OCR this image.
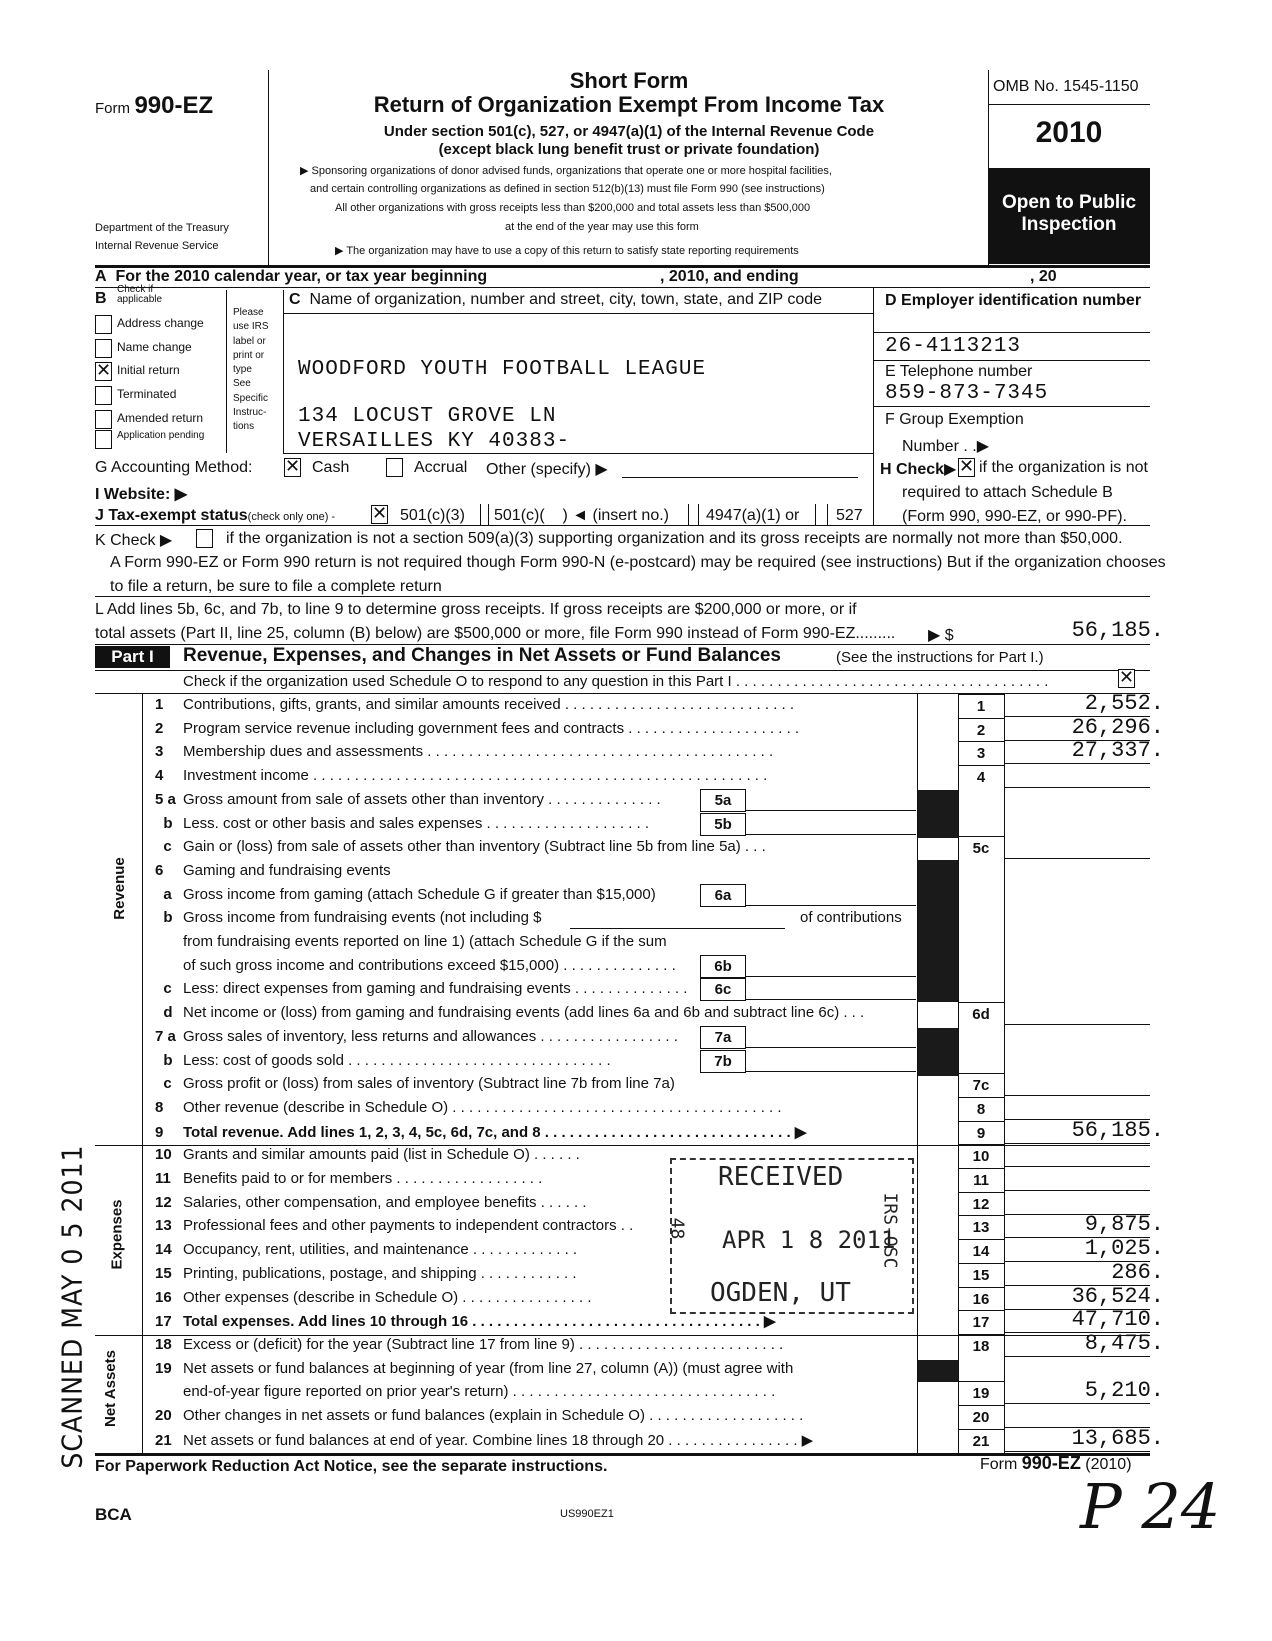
Form 990-EZ
Department of the Treasury
Internal Revenue Service
Short Form
Return of Organization Exempt From Income Tax
Under section 501(c), 527, or 4947(a)(1) of the Internal Revenue Code
(except black lung benefit trust or private foundation)
▶ Sponsoring organizations of donor advised funds, organizations that operate one or more hospital facilities,
and certain controlling organizations as defined in section 512(b)(13) must file Form 990 (see instructions)
All other organizations with gross receipts less than $200,000 and total assets less than $500,000
at the end of the year may use this form
▶ The organization may have to use a copy of this return to satisfy state reporting requirements
OMB No. 1545-1150
2010
Open to Public
Inspection
A For the 2010 calendar year, or tax year beginning	, 2010, and ending	, 20
B
Check if applicable
Address change
Name change
✕ Initial return
Terminated
Amended return
Application pending
Please
use IRS
label or
print or
type
See
Specific
Instruc-
tions
C Name of organization, number and street, city, town, state, and ZIP code
WOODFORD YOUTH FOOTBALL LEAGUE
134 LOCUST GROVE LN
VERSAILLES KY 40383-
D Employer identification number
26-4113213
E Telephone number
859-873-7345
F Group Exemption
Number . .▶
G Accounting Method: ✕ Cash	Accrual Other (specify) ▶	H Check▶ ✕ if the organization is not
required to attach Schedule B
(Form 990, 990-EZ, or 990-PF).
I Website: ▶
J Tax-exempt status(check only one) - ✕ 501(c)(3) 501(c)( ) ◄ (insert no.) 4947(a)(1) or 527
K Check ▶	if the organization is not a section 509(a)(3) supporting organization and its gross receipts are normally not more than $50,000.
A Form 990-EZ or Form 990 return is not required though Form 990-N (e-postcard) may be required (see instructions) But if the organization chooses
to file a return, be sure to file a complete return
L Add lines 5b, 6c, and 7b, to line 9 to determine gross receipts. If gross receipts are $200,000 or more, or if
total assets (Part II, line 25, column (B) below) are $500,000 or more, file Form 990 instead of Form 990-EZ......... ▶ $	56,185.
Part I	Revenue, Expenses, and Changes in Net Assets or Fund Balances	(See the instructions for Part I.)
Check if the organization used Schedule O to respond to any question in this Part I . . . . . . . . . . . . . . . . . . . . . . . . . . . . . . . . . . . . . .	✕
Revenue
Expenses
Net Assets
1 Contributions, gifts, grants, and similar amounts received . . . . . . . . . . . . . . . . . . . . . . . . . . . .	1	2,552.
2 Program service revenue including government fees and contracts . . . . . . . . . . . . . . . . . . . . .	2	26,296.
3 Membership dues and assessments . . . . . . . . . . . . . . . . . . . . . . . . . . . . . . . . . . . . . . . . . .	3	27,337.
4 Investment income . . . . . . . . . . . . . . . . . . . . . . . . . . . . . . . . . . . . . . . . . . . . . . . . . . . . . . .	4
5 a Gross amount from sale of assets other than inventory . . . . . . . . . . . . . .	5a
b Less. cost or other basis and sales expenses . . . . . . . . . . . . . . . . . . . .	5b
c Gain or (loss) from sale of assets other than inventory (Subtract line 5b from line 5a) . . .	5c
6 Gaming and fundraising events
a Gross income from gaming (attach Schedule G if greater than $15,000)	6a
b Gross income from fundraising events (not including $	of contributions
from fundraising events reported on line 1) (attach Schedule G if the sum
of such gross income and contributions exceed $15,000) . . . . . . . . . . . . . .	6b
c Less: direct expenses from gaming and fundraising events . . . . . . . . . . . . . .	6c
d Net income or (loss) from gaming and fundraising events (add lines 6a and 6b and subtract line 6c) . . .	6d
7 a Gross sales of inventory, less returns and allowances . . . . . . . . . . . . . . . . .	7a
b Less: cost of goods sold . . . . . . . . . . . . . . . . . . . . . . . . . . . . . . . .	7b
c Gross profit or (loss) from sales of inventory (Subtract line 7b from line 7a)	7c
8 Other revenue (describe in Schedule O) . . . . . . . . . . . . . . . . . . . . . . . . . . . . . . . . . . . . . . . .	8
9 Total revenue. Add lines 1, 2, 3, 4, 5c, 6d, 7c, and 8 . . . . . . . . . . . . . . . . . . . . . . . . . . . . . . ▶	9	56,185.
10 Grants and similar amounts paid (list in Schedule O) . . . . . .	10
11 Benefits paid to or for members . . . . . . . . . . . . . . . . . .	11
12 Salaries, other compensation, and employee benefits . . . . . .	12
13 Professional fees and other payments to independent contractors . .	13	9,875.
14 Occupancy, rent, utilities, and maintenance . . . . . . . . . . . . .	14	1,025.
15 Printing, publications, postage, and shipping . . . . . . . . . . . .	15	286.
16 Other expenses (describe in Schedule O) . . . . . . . . . . . . . . . .	16	36,524.
17 Total expenses. Add lines 10 through 16 . . . . . . . . . . . . . . . . . . . . . . . . . . . . . . . . . . . ▶	17	47,710.
18 Excess or (deficit) for the year (Subtract line 17 from line 9) . . . . . . . . . . . . . . . . . . . . . . . . .	18	8,475.
19 Net assets or fund balances at beginning of year (from line 27, column (A)) (must agree with
end-of-year figure reported on prior year's return) . . . . . . . . . . . . . . . . . . . . . . . . . . . . . . . .	19	5,210.
20 Other changes in net assets or fund balances (explain in Schedule O) . . . . . . . . . . . . . . . . . . .	20
21 Net assets or fund balances at end of year. Combine lines 18 through 20 . . . . . . . . . . . . . . . . ▶	21	13,685.
RECEIVED
APR 1 8 2011
OGDEN, UT
48	IRS-OSC
SCANNED MAY 0 5 2011 For Paperwork Reduction Act Notice, see the separate instructions.	Form 990-EZ (2010)
BCA	US990EZ1	P 24
